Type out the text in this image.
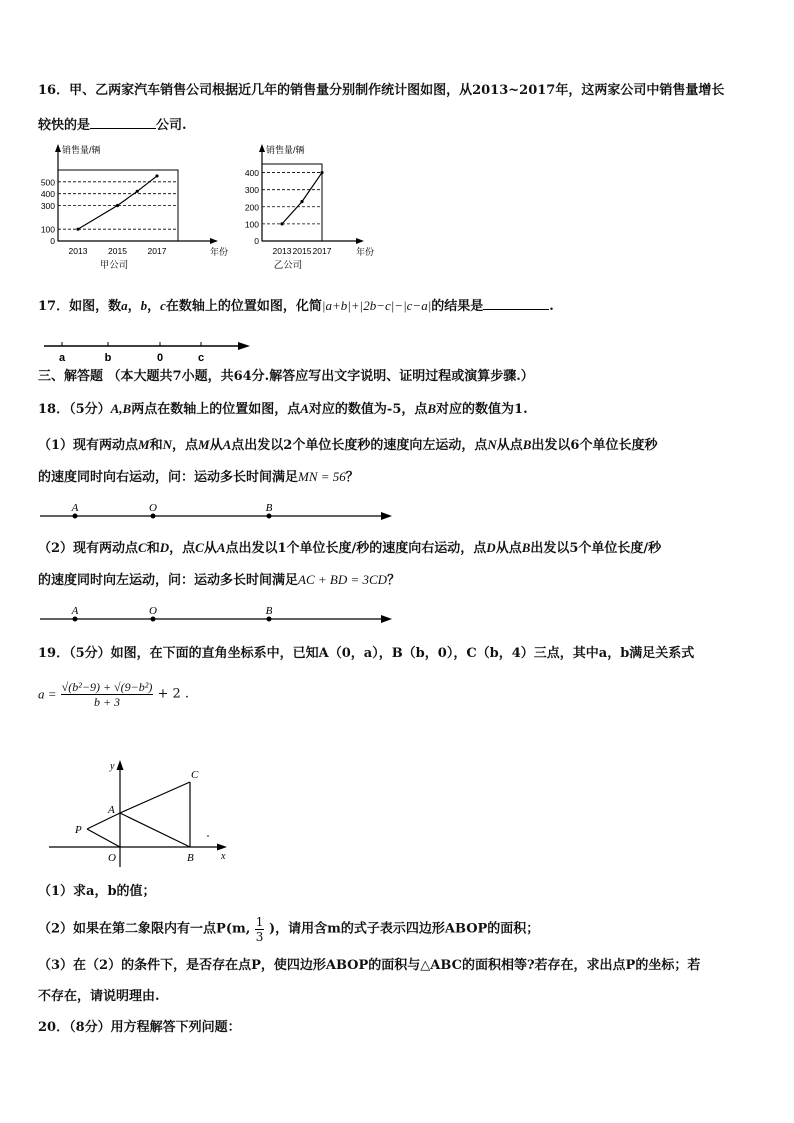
16．甲、乙两家汽车销售公司根据近几年的销售量分别制作统计图如图，从2013~2017年，这两家公司中销售量增长
较快的是	公司.
0
100
300
400
500
2013 2015 2017
销售量/辆
年份
甲公司
0
100
200
300
400
2013 2015 2017
销售量/辆
年份
乙公司
17．如图，数a，b，c在数轴上的位置如图，化简|a+b|+|2b−c|−|c−a|的结果是	.
a	b	0	c
三、解答题 （本大题共7小题，共64分.解答应写出文字说明、证明过程或演算步骤.）
18．（5分）A,B两点在数轴上的位置如图，点A对应的数值为-5，点B对应的数值为1.
（1）现有两动点M和N，点M从A点出发以2个单位长度秒的速度向左运动，点N从点B出发以6个单位长度秒
的速度同时向右运动，问：运动多长时间满足MN = 56？
A	O	B
（2）现有两动点C和D，点C从A点出发以1个单位长度/秒的速度向右运动，点D从点B出发以5个单位长度/秒
的速度同时向左运动，问：运动多长时间满足AC + BD = 3CD？
A	O	B
19．（5分）如图，在下面的直角坐标系中，已知A（0，a），B（b，0），C（b，4）三点，其中a，b满足关系式
$a = \frac{\text{√(b²−9) + √(9−b²)}}{b + 3} + 2$ .
y
C
A
P
O	B	x
（1）求a，b的值；
（2）如果在第二象限内有一点P(m, $\frac{1}{3}$ )，请用含m的式子表示四边形ABOP的面积；
（3）在（2）的条件下，是否存在点P，使四边形ABOP的面积与△ABC的面积相等?若存在，求出点P的坐标；若
不存在，请说明理由.
20．（8分）用方程解答下列问题：
